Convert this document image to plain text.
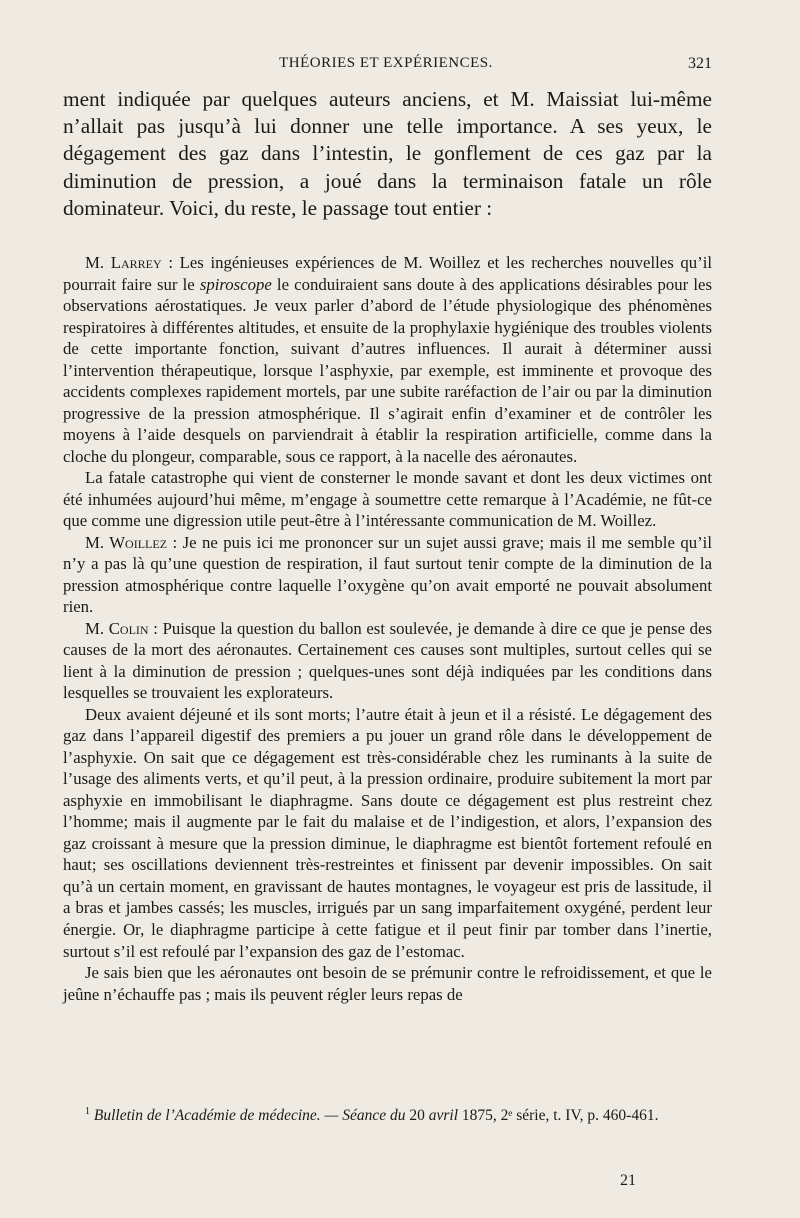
THÉORIES ET EXPÉRIENCES.	321

ment indiquée par quelques auteurs anciens, et M. Maissiat lui-même n’allait pas jusqu’à lui donner une telle importance. A ses yeux, le dégagement des gaz dans l’intestin, le gonflement de ces gaz par la diminution de pression, a joué dans la terminaison fatale un rôle dominateur. Voici, du reste, le passage tout entier :

M. Larrey : Les ingénieuses expériences de M. Woillez et les recherches nouvelles qu’il pourrait faire sur le spiroscope le conduiraient sans doute à des applications désirables pour les observations aérostatiques. Je veux parler d’abord de l’étude physiologique des phénomènes respiratoires à différentes altitudes, et ensuite de la prophylaxie hygiénique des troubles violents de cette importante fonction, suivant d’autres influences. Il aurait à déterminer aussi l’intervention thérapeutique, lorsque l’asphyxie, par exemple, est imminente et provoque des accidents complexes rapidement mortels, par une subite raréfaction de l’air ou par la diminution progressive de la pression atmosphérique. Il s’agirait enfin d’examiner et de contrôler les moyens à l’aide desquels on parviendrait à établir la respiration artificielle, comme dans la cloche du plongeur, comparable, sous ce rapport, à la nacelle des aéronautes.

La fatale catastrophe qui vient de consterner le monde savant et dont les deux victimes ont été inhumées aujourd’hui même, m’engage à soumettre cette remarque à l’Académie, ne fût-ce que comme une digression utile peut-être à l’intéressante communication de M. Woillez.

M. Woillez : Je ne puis ici me prononcer sur un sujet aussi grave; mais il me semble qu’il n’y a pas là qu’une question de respiration, il faut surtout tenir compte de la diminution de la pression atmosphérique contre laquelle l’oxygène qu’on avait emporté ne pouvait absolument rien.

M. Colin : Puisque la question du ballon est soulevée, je demande à dire ce que je pense des causes de la mort des aéronautes. Certainement ces causes sont multiples, surtout celles qui se lient à la diminution de pression ; quelques-unes sont déjà indiquées par les conditions dans lesquelles se trouvaient les explorateurs.

Deux avaient déjeuné et ils sont morts; l’autre était à jeun et il a résisté. Le dégagement des gaz dans l’appareil digestif des premiers a pu jouer un grand rôle dans le développement de l’asphyxie. On sait que ce dégagement est très-considérable chez les ruminants à la suite de l’usage des aliments verts, et qu’il peut, à la pression ordinaire, produire subitement la mort par asphyxie en immobilisant le diaphragme. Sans doute ce dégagement est plus restreint chez l’homme; mais il augmente par le fait du malaise et de l’indigestion, et alors, l’expansion des gaz croissant à mesure que la pression diminue, le diaphragme est bientôt fortement refoulé en haut; ses oscillations deviennent très-restreintes et finissent par devenir impossibles. On sait qu’à un certain moment, en gravissant de hautes montagnes, le voyageur est pris de lassitude, il a bras et jambes cassés; les muscles, irrigués par un sang imparfaitement oxygéné, perdent leur énergie. Or, le diaphragme participe à cette fatigue et il peut finir par tomber dans l’inertie, surtout s’il est refoulé par l’expansion des gaz de l’estomac.

Je sais bien que les aéronautes ont besoin de se prémunir contre le refroidissement, et que le jeûne n’échauffe pas ; mais ils peuvent régler leurs repas de

$^1$ Bulletin de l’Académie de médecine. — Séance du 20 avril 1875, 2ᵉ série, t. IV, p. 460-461.

21
